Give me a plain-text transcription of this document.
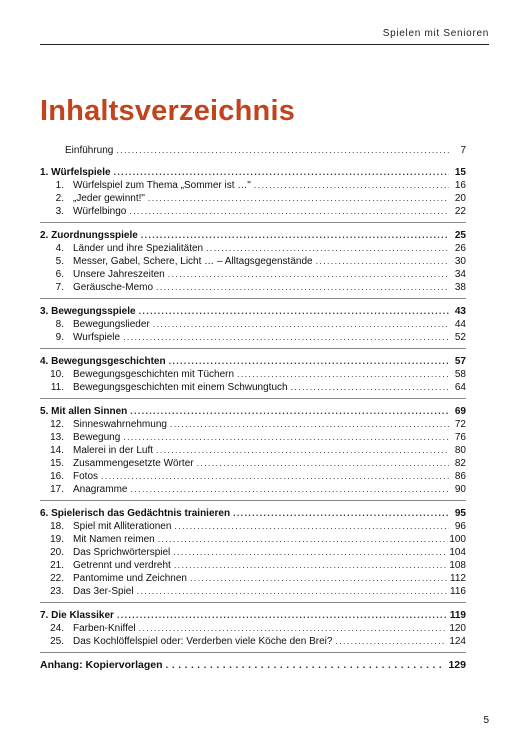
Spielen mit Senioren
Inhaltsverzeichnis
Einführung . . .	7
1. Würfelspiele . . .	15
1. Würfelspiel zum Thema „Sommer ist …" . . .	16
2. „Jeder gewinnt!" . . .	20
3. Würfelbingo . . .	22
2. Zuordnungsspiele . . .	25
4. Länder und ihre Spezialitäten . . .	26
5. Messer, Gabel, Schere, Licht … – Alltagsgegenstände . . .	30
6. Unsere Jahreszeiten . . .	34
7. Geräusche-Memo . . .	38
3. Bewegungsspiele . . .	43
8. Bewegungslieder . . .	44
9. Wurfspiele . . .	52
4. Bewegungsgeschichten . . .	57
10. Bewegungsgeschichten mit Tüchern . . .	58
11. Bewegungsgeschichten mit einem Schwungtuch . . .	64
5. Mit allen Sinnen . . .	69
12. Sinneswahrnehmung . . .	72
13. Bewegung . . .	76
14. Malerei in der Luft . . .	80
15. Zusammengesetzte Wörter . . .	82
16. Fotos . . .	86
17. Anagramme . . .	90
6. Spielerisch das Gedächtnis trainieren . . .	95
18. Spiel mit Alliterationen . . .	96
19. Mit Namen reimen . . .	100
20. Das Sprichwörterspiel . . .	104
21. Getrennt und verdreht . . .	108
22. Pantomime und Zeichnen . . .	112
23. Das 3er-Spiel . . .	116
7. Die Klassiker . . .	119
24. Farben-Kniffel . . .	120
25. Das Kochlöffelspiel oder: Verderben viele Köche den Brei? . . .	124
Anhang: Kopiervorlagen . . .	129
5
